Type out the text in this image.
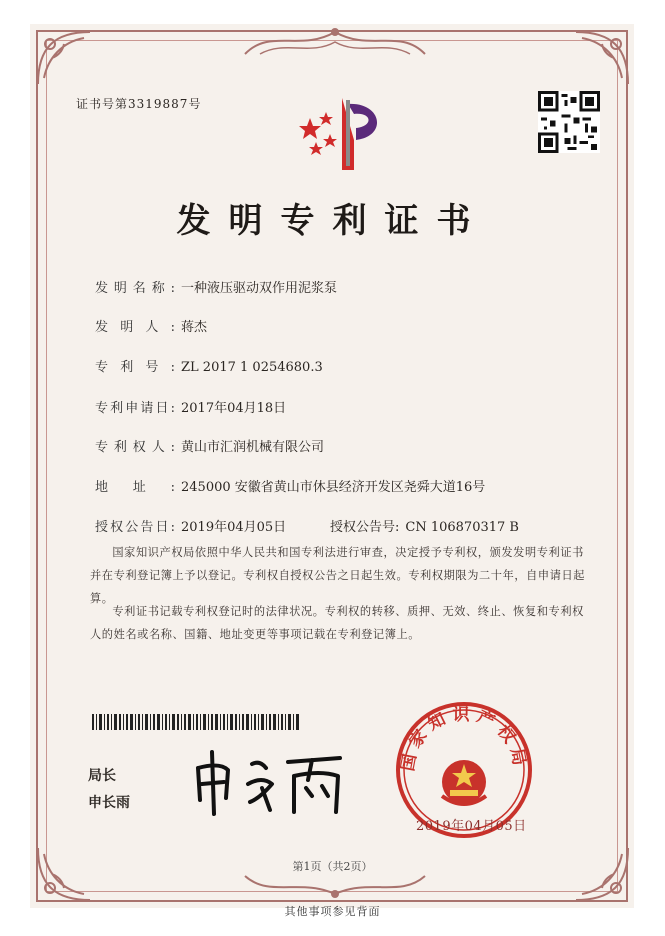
证书号第3319887号
发明专利证书
发明名称: 一种液压驱动双作用泥浆泵
发明人: 蒋杰
专利号: ZL 2017 1 0254680.3
专利申请日: 2017年04月18日
专利权人: 黄山市汇润机械有限公司
地址: 245000 安徽省黄山市休县经济开发区尧舜大道16号
授权公告日: 2019年04月05日	授权公告号: CN 106870317 B
国家知识产权局依照中华人民共和国专利法进行审查，决定授予专利权，颁发发明专利证书并在专利登记簿上予以登记。专利权自授权公告之日起生效。专利权期限为二十年，自申请日起算。
专利证书记载专利权登记时的法律状况。专利权的转移、质押、无效、终止、恢复和专利权人的姓名或名称、国籍、地址变更等事项记载在专利登记簿上。
局长
申长雨
国家知识产权局
2019年04月05日
第1页（共2页）
其他事项参见背面
